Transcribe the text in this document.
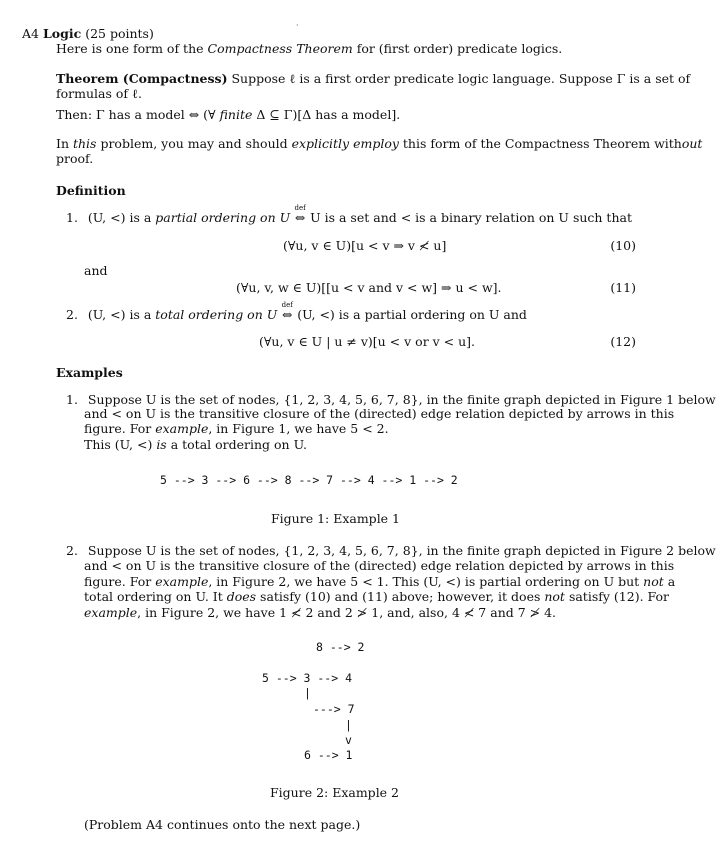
·
A4 Logic (25 points)
Here is one form of the Compactness Theorem for (first order) predicate logics.
Theorem (Compactness) Suppose ℓ is a first order predicate logic language. Suppose Γ is a set of
formulas of ℓ.
Then: Γ has a model ⇔ (∀ finite Δ ⊆ Γ)[Δ has a model].
In this problem, you may and should explicitly employ this form of the Compactness Theorem without
proof.
Definition
1. (U, <) is a partial ordering on U
def
⇔ U is a set and < is a binary relation on U such that
(∀u, v ∈ U)[u < v ⇒ v ≮ u]	(10)
and
(∀u, v, w ∈ U)[[u < v and v < w] ⇒ u < w].	(11)
2. (U, <) is a total ordering on U
def
⇔ (U, <) is a partial ordering on U and
(∀u, v ∈ U | u ≠ v)[u < v or v < u].	(12)
Examples
1. Suppose U is the set of nodes, {1, 2, 3, 4, 5, 6, 7, 8}, in the finite graph depicted in Figure 1 below
and < on U is the transitive closure of the (directed) edge relation depicted by arrows in this
figure. For example, in Figure 1, we have 5 < 2.
This (U, <) is a total ordering on U.
5 --> 3 --> 6 --> 8 --> 7 --> 4 --> 1 --> 2
Figure 1: Example 1
2. Suppose U is the set of nodes, {1, 2, 3, 4, 5, 6, 7, 8}, in the finite graph depicted in Figure 2 below
and < on U is the transitive closure of the (directed) edge relation depicted by arrows in this
figure. For example, in Figure 2, we have 5 < 1. This (U, <) is partial ordering on U but not a
total ordering on U. It does satisfy (10) and (11) above; however, it does not satisfy (12). For
example, in Figure 2, we have 1 ≮ 2 and 2 ≯ 1, and, also, 4 ≮ 7 and 7 ≯ 4.
8 --> 2
5 --> 3 --> 4
|
---> 7
|
v
6 --> 1
Figure 2: Example 2
(Problem A4 continues onto the next page.)
